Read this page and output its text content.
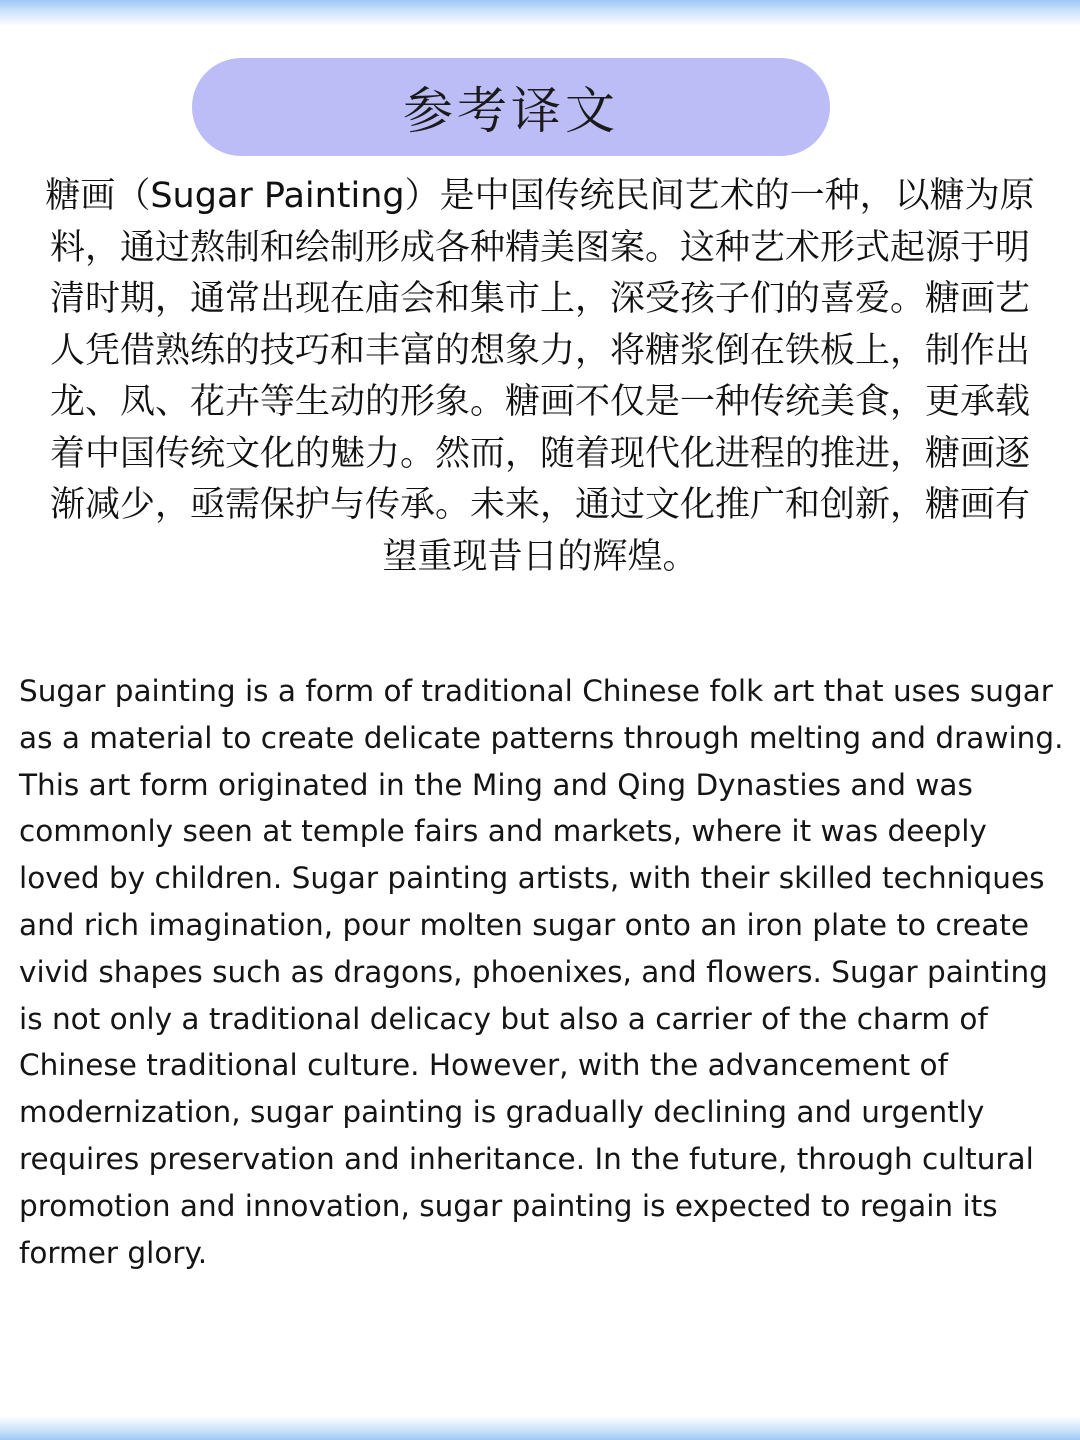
参考译文

糖画（Sugar Painting）是中国传统民间艺术的一种，以糖为原料，通过熬制和绘制形成各种精美图案。这种艺术形式起源于明清时期，通常出现在庙会和集市上，深受孩子们的喜爱。糖画艺人凭借熟练的技巧和丰富的想象力，将糖浆倒在铁板上，制作出龙、凤、花卉等生动的形象。糖画不仅是一种传统美食，更承载着中国传统文化的魅力。然而，随着现代化进程的推进，糖画逐渐减少，亟需保护与传承。未来，通过文化推广和创新，糖画有望重现昔日的辉煌。

Sugar painting is a form of traditional Chinese folk art that uses sugar as a material to create delicate patterns through melting and drawing. This art form originated in the Ming and Qing Dynasties and was commonly seen at temple fairs and markets, where it was deeply loved by children. Sugar painting artists, with their skilled techniques and rich imagination, pour molten sugar onto an iron plate to create vivid shapes such as dragons, phoenixes, and flowers. Sugar painting is not only a traditional delicacy but also a carrier of the charm of Chinese traditional culture. However, with the advancement of modernization, sugar painting is gradually declining and urgently requires preservation and inheritance. In the future, through cultural promotion and innovation, sugar painting is expected to regain its former glory.
